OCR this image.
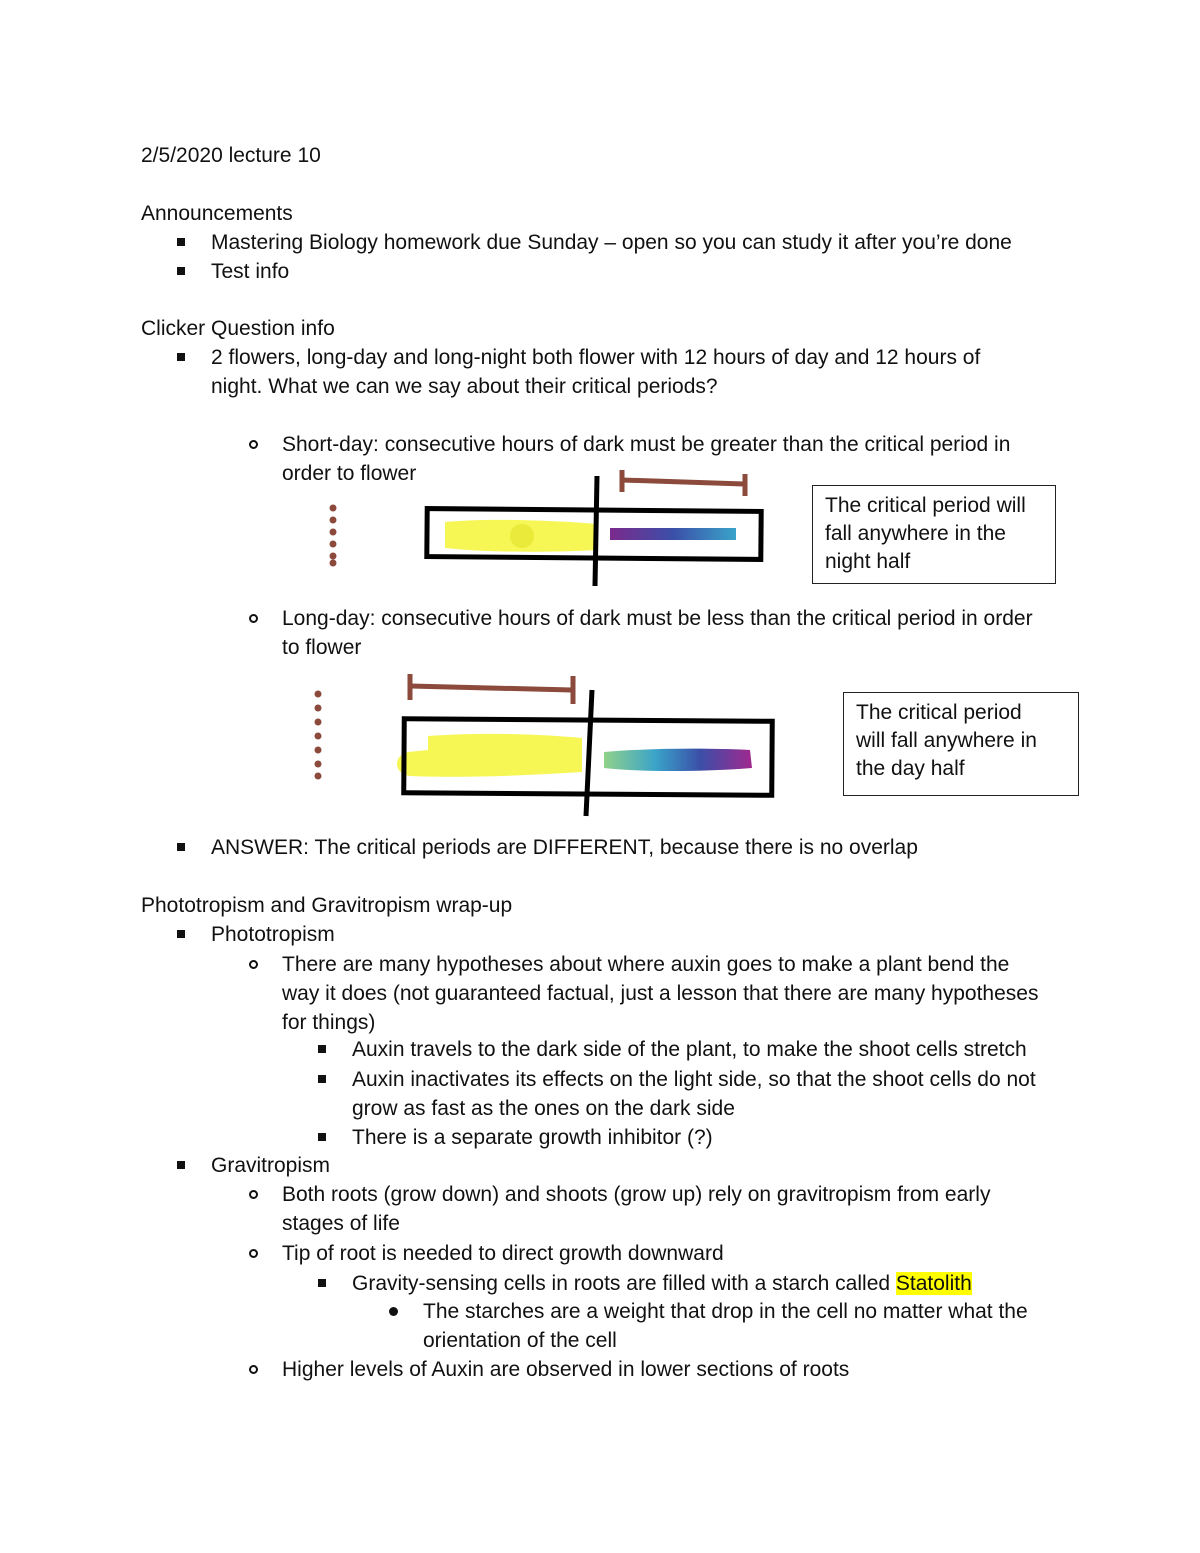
2/5/2020 lecture 10
Announcements
Mastering Biology homework due Sunday – open so you can study it after you’re done
Test info
Clicker Question info
2 flowers, long-day and long-night both flower with 12 hours of day and 12 hours of
night. What we can we say about their critical periods?
Short-day: consecutive hours of dark must be greater than the critical period in
order to flower
The critical period will
fall anywhere in the
night half
Long-day: consecutive hours of dark must be less than the critical period in order
to flower
The critical period
will fall anywhere in
the day half
ANSWER: The critical periods are DIFFERENT, because there is no overlap
Phototropism and Gravitropism wrap-up
Phototropism
There are many hypotheses about where auxin goes to make a plant bend the
way it does (not guaranteed factual, just a lesson that there are many hypotheses
for things)
Auxin travels to the dark side of the plant, to make the shoot cells stretch
Auxin inactivates its effects on the light side, so that the shoot cells do not
grow as fast as the ones on the dark side
There is a separate growth inhibitor (?)
Gravitropism
Both roots (grow down) and shoots (grow up) rely on gravitropism from early
stages of life
Tip of root is needed to direct growth downward
Gravity-sensing cells in roots are filled with a starch called Statolith
The starches are a weight that drop in the cell no matter what the
orientation of the cell
Higher levels of Auxin are observed in lower sections of roots
